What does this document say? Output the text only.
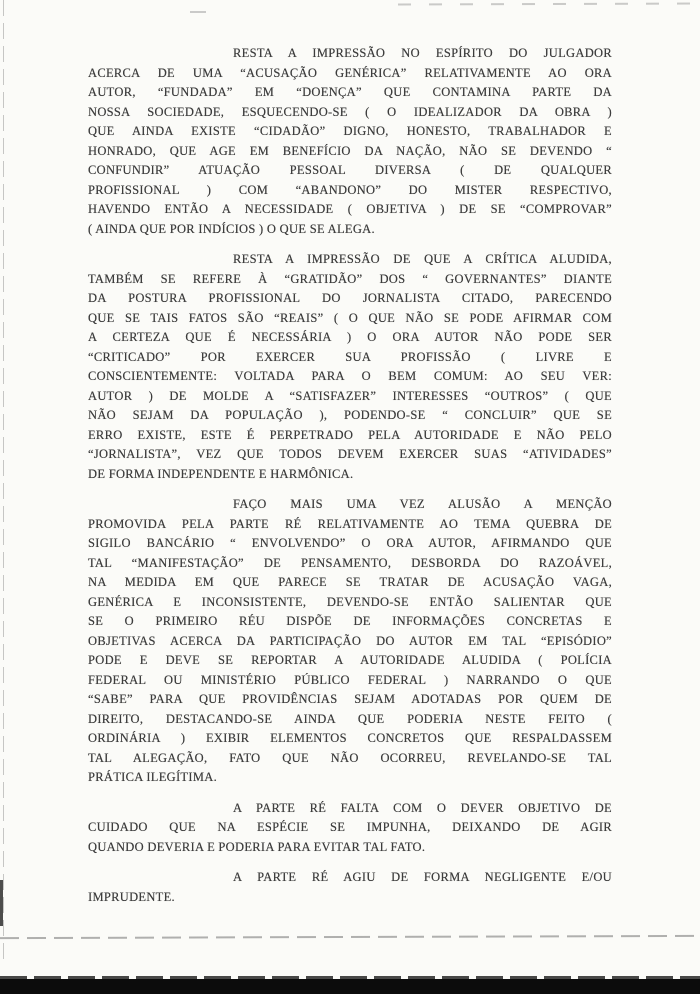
RESTA A IMPRESSÃO NO ESPÍRITO DO JULGADOR
ACERCA DE UMA “ACUSAÇÃO GENÉRICA” RELATIVAMENTE AO ORA
AUTOR, “FUNDADA” EM “DOENÇA” QUE CONTAMINA PARTE DA
NOSSA SOCIEDADE, ESQUECENDO-SE ( O IDEALIZADOR DA OBRA )
QUE AINDA EXISTE “CIDADÃO” DIGNO, HONESTO, TRABALHADOR E
HONRADO, QUE AGE EM BENEFÍCIO DA NAÇÃO, NÃO SE DEVENDO “
CONFUNDIR” ATUAÇÃO PESSOAL DIVERSA ( DE QUALQUER
PROFISSIONAL ) COM “ABANDONO” DO MISTER RESPECTIVO,
HAVENDO ENTÃO A NECESSIDADE ( OBJETIVA ) DE SE “COMPROVAR”
( AINDA QUE POR INDÍCIOS ) O QUE SE ALEGA.
RESTA A IMPRESSÃO DE QUE A CRÍTICA ALUDIDA,
TAMBÉM SE REFERE À “GRATIDÃO” DOS “ GOVERNANTES” DIANTE
DA POSTURA PROFISSIONAL DO JORNALISTA CITADO, PARECENDO
QUE SE TAIS FATOS SÃO “REAIS” ( O QUE NÃO SE PODE AFIRMAR COM
A CERTEZA QUE É NECESSÁRIA ) O ORA AUTOR NÃO PODE SER
“CRITICADO” POR EXERCER SUA PROFISSÃO ( LIVRE E
CONSCIENTEMENTE: VOLTADA PARA O BEM COMUM: AO SEU VER:
AUTOR ) DE MOLDE A “SATISFAZER” INTERESSES “OUTROS” ( QUE
NÃO SEJAM DA POPULAÇÃO ), PODENDO-SE “ CONCLUIR” QUE SE
ERRO EXISTE, ESTE É PERPETRADO PELA AUTORIDADE E NÃO PELO
“JORNALISTA”, VEZ QUE TODOS DEVEM EXERCER SUAS “ATIVIDADES”
DE FORMA INDEPENDENTE E HARMÔNICA.
FAÇO MAIS UMA VEZ ALUSÃO A MENÇÃO
PROMOVIDA PELA PARTE RÉ RELATIVAMENTE AO TEMA QUEBRA DE
SIGILO BANCÁRIO “ ENVOLVENDO” O ORA AUTOR, AFIRMANDO QUE
TAL “MANIFESTAÇÃO” DE PENSAMENTO, DESBORDA DO RAZOÁVEL,
NA MEDIDA EM QUE PARECE SE TRATAR DE ACUSAÇÃO VAGA,
GENÉRICA E INCONSISTENTE, DEVENDO-SE ENTÃO SALIENTAR QUE
SE O PRIMEIRO RÉU DISPÕE DE INFORMAÇÕES CONCRETAS E
OBJETIVAS ACERCA DA PARTICIPAÇÃO DO AUTOR EM TAL “EPISÓDIO”
PODE E DEVE SE REPORTAR A AUTORIDADE ALUDIDA ( POLÍCIA
FEDERAL OU MINISTÉRIO PÚBLICO FEDERAL ) NARRANDO O QUE
“SABE” PARA QUE PROVIDÊNCIAS SEJAM ADOTADAS POR QUEM DE
DIREITO, DESTACANDO-SE AINDA QUE PODERIA NESTE FEITO (
ORDINÁRIA ) EXIBIR ELEMENTOS CONCRETOS QUE RESPALDASSEM
TAL ALEGAÇÃO, FATO QUE NÃO OCORREU, REVELANDO-SE TAL
PRÁTICA ILEGÍTIMA.
A PARTE RÉ FALTA COM O DEVER OBJETIVO DE
CUIDADO QUE NA ESPÉCIE SE IMPUNHA, DEIXANDO DE AGIR
QUANDO DEVERIA E PODERIA PARA EVITAR TAL FATO.
A PARTE RÉ AGIU DE FORMA NEGLIGENTE E/OU
IMPRUDENTE.
